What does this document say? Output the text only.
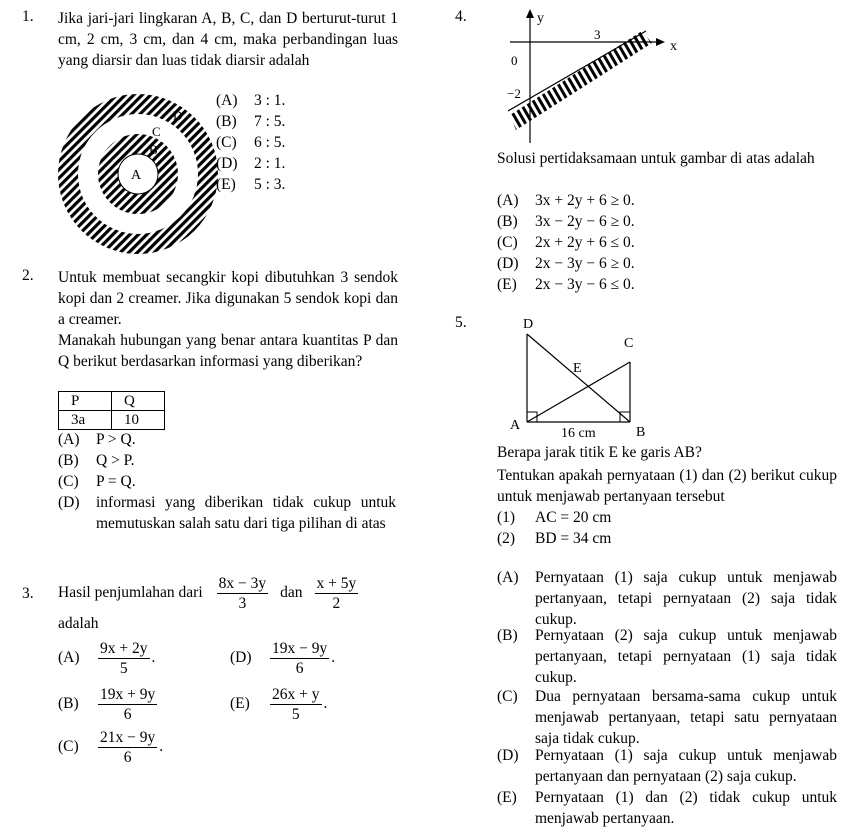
1. Jika jari-jari lingkaran A, B, C, dan D berturut-turut 1 cm, 2 cm, 3 cm, dan 4 cm, maka perbandingan luas yang diarsir dan luas tidak diarsir adalah
A
B
C
D
(A) 3 : 1.
(B) 7 : 5.
(C) 6 : 5.
(D) 2 : 1.
(E) 5 : 3.
2. Untuk membuat secangkir kopi dibutuhkan 3 sendok kopi dan 2 creamer. Jika digunakan 5 sendok kopi dan a creamer.
Manakah hubungan yang benar antara kuantitas P dan Q berikut berdasarkan informasi yang diberikan?
P	Q
3a	10
(A) P > Q.
(B) Q > P.
(C) P = Q.
(D) informasi yang diberikan tidak cukup untuk memutuskan salah satu dari tiga pilihan di atas
3. Hasil penjumlahan dari $\frac{8x - 3y}{3}$ dan $\frac{x + 5y}{2}$
adalah
(A)	$\frac{9x + 2y}{5}$ .
(B)	$\frac{19x + 9y}{6}$
(C)	$\frac{21x - 9y}{6}$ .
(D)	$\frac{19x - 9y}{6}$ .
(E)	$\frac{26x + y}{5}$ .
4.	y
x
0
3
−2
Solusi pertidaksamaan untuk gambar di atas adalah
(A) 3x + 2y + 6 ≥ 0.
(B) 3x − 2y − 6 ≥ 0.
(C) 2x + 2y + 6 ≤ 0.
(D) 2x − 3y − 6 ≥ 0.
(E) 2x − 3y − 6 ≤ 0.
5.	D
C
E
A	B
16 cm
Berapa jarak titik E ke garis AB?
Tentukan apakah pernyataan (1) dan (2) berikut cukup untuk menjawab pertanyaan tersebut
(1) AC = 20 cm
(2) BD = 34 cm
(A) Pernyataan (1) saja cukup untuk menjawab pertanyaan, tetapi pernyataan (2) saja tidak cukup.
(B) Pernyataan (2) saja cukup untuk menjawab pertanyaan, tetapi pernyataan (1) saja tidak cukup.
(C) Dua pernyataan bersama-sama cukup untuk menjawab pertanyaan, tetapi satu pernyataan saja tidak cukup.
(D) Pernyataan (1) saja cukup untuk menjawab pertanyaan dan pernyataan (2) saja cukup.
(E) Pernyataan (1) dan (2) tidak cukup untuk menjawab pertanyaan.
